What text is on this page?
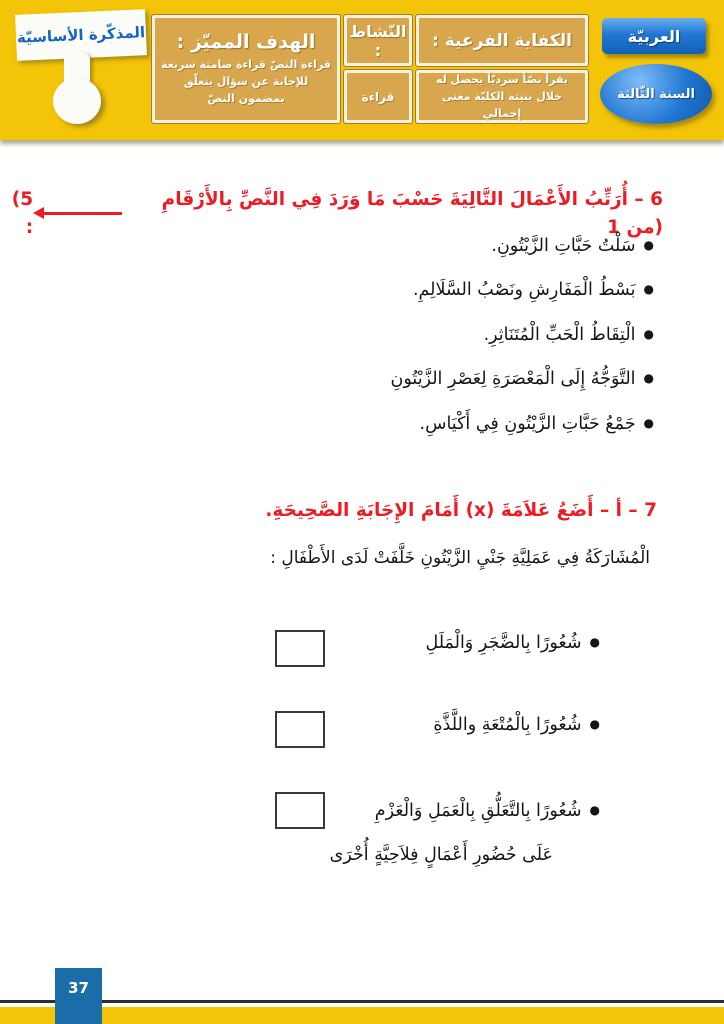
المذكّرة الأساسيّة الهدف المميّز :
قراءة النصّ قراءة صامتة سريعة للإجابة عن سؤال يتعلّق بمضمون النصّ
النّشاط :
قراءة
الكفاية الفرعية :
يقرأ نصّاً سرديّاً يحصل له خلال بنيته الكليّة معنى إجمالي
العربيّة
السنة الثّالثة
6 – أُرَتِّبُ الأَعْمَالَ التَّالِيَةَ حَسْبَ مَا وَرَدَ فِي النَّصِّ بِالأَرْقَامِ (من 1
5) :
●سَلْتُ حَبَّاتِ الزَّيْتُونِ.
●بَسْطُ الْمَفَارِشِ ونَصْبُ السَّلَالِمِ.
●الْتِقَاطُ الْحَبِّ الْمُتَنَاثِرِ.
●التَّوَجُّهُ إِلَى الْمَعْصَرَةِ لِعَصْرِ الزَّيْتُونِ
●جَمْعُ حَبَّاتِ الزَّيْتُونِ فِي أَكْيَاسِ.
7 – أ – أَضَعُ عَلاَمَةَ (x) أَمَامَ الإِجَابَةِ الصَّحِيحَةِ.
الْمُشَارَكَةُ فِي عَمَلِيَّةِ جَنْيِ الزَّيْتُونِ خَلَّفَتْ لَدَى الأَطْفَالِ :
●شُعُورًا بِالضَّجَرِ وَالْمَلَلِ
●شُعُورًا بِالْمُتْعَةِ واللَّذَّةِ
●شُعُورًا بِالتَّعَلُّقِ بِالْعَمَلِ وَالْعَزْمِ
عَلَى حُضُورِ أَعْمَالٍ فِلاَحِيَّةٍ أُخْرَى
37
